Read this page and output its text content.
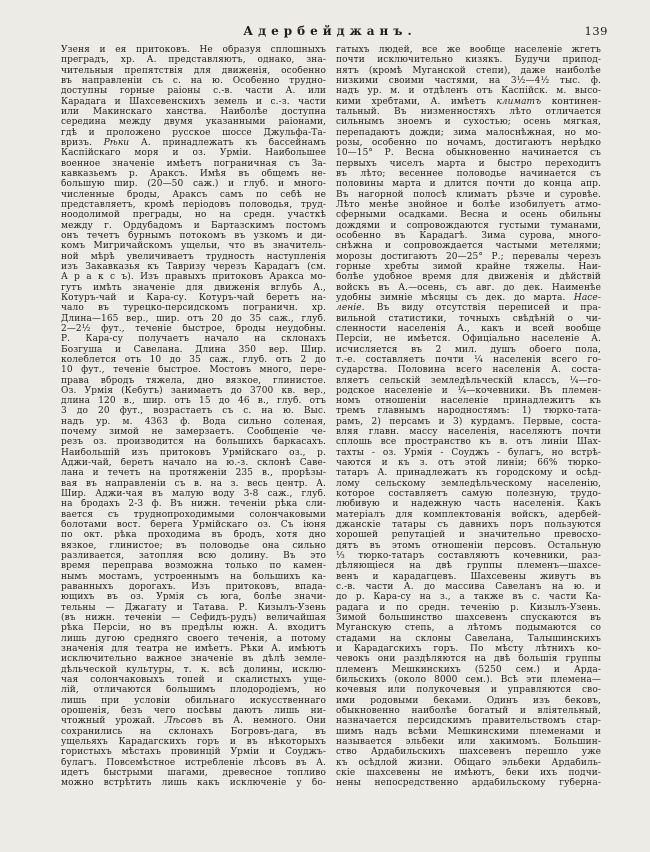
Адербейджанъ.	139
Узеня и ея притоковъ. Не образуя сплошныхъ
преградъ, хр. А. представляютъ, однако, зна-
чительныя препятствія для движенія, особенно
въ направленіи съ с. на ю. Особенно трудно-
доступны горные раіоны с.-в. части А. или
Карадага и Шахсевенскихъ земель и с.-з. части
или Макинскаго ханства. Наиболѣе доступна
середина между двумя указанными раіонами,
гдѣ и проложено русское шоссе Джульфа-Та-
вризъ. Рѣки А. принадлежатъ къ бассейнамъ
Каспійскаго моря и оз. Урміи. Наибольшее
военное значеніе имѣетъ пограничная съ За-
кавказьемъ р. Араксъ. Имѣя въ общемъ не-
большую шир. (20—50 саж.) и глуб. и много-
численные броды, Араксъ самъ по себѣ не
представляетъ, кромѣ періодовъ половодья, труд-
ноодолимой преграды, но на средн. участкѣ
между г. Ордубадомъ и Бартазскимъ постомъ
онъ течетъ бурнымъ потокомъ въ узкомъ и ди-
комъ Мигричайскомъ ущельи, что въ значитель-
ной мѣрѣ увеличиваетъ трудность наступленія
изъ Закавказья къ Тавризу черезъ Карадагъ (см.
А р а к с ъ). Изъ правыхъ притоковъ Аракса мо-
гутъ имѣть значеніе для движенія вглубь А.,
Котуръ-чай и Кара-су. Котуръ-чай беретъ на-
чало въ турецко-персидскомъ пограничн. хр.
Длина—165 вер., шир. отъ 20 до 35 саж., глуб.
2—2½ фут., теченіе быстрое, броды неудобны.
Р. Кара-су получаетъ начало на склонахъ
Бозгуша и Савелана. Длина 350 вер. Шир.
колеблется отъ 10 до 35 саж., глуб. отъ 2 до
10 фут., теченіе быстрое. Мостовъ много, пере-
права вбродъ тяжела, дно вязкое, глинистое.
Оз. Урмія (Кебутъ) занимаетъ до 3700 кв. вер.,
длина 120 в., шир. отъ 15 до 46 в., глуб. отъ
3 до 20 фут., возрастаетъ съ с. на ю. Выс.
надъ ур. м. 4363 ф. Вода сильно соленая,
почему зимой не замерзаетъ. Сообщеніе че-
резъ оз. производится на большихъ баркасахъ.
Наибольшій изъ притоковъ Урмійскаго оз., р.
Аджи-чай, беретъ начало на ю.-з. склонѣ Саве-
лана и течетъ на протяженіи 235 в., прорѣзы-
вая въ направленіи съ в. на з. весь центр. А.
Шир. Аджи-чая въ малую воду 3-8 саж., глуб.
на бродахъ 2-3 ф. Въ нижн. теченіи рѣка сли-
вается съ труднопроходимыми солончаковыми
болотами вост. берега Урмійскаго оз. Съ іюня
по окт. рѣка проходима въ бродъ, хотя дно
вязкое, глинистое; въ половодье она сильно
разливается, затопляя всю долину. Въ это
время переправа возможна только по камен-
нымъ мостамъ, устроеннымъ на большихъ ка-
раванныхъ дорогахъ. Изъ притоковъ, впада-
ющихъ въ оз. Урмія съ юга, болѣе значи-
тельны — Джагату и Татава. Р. Кизылъ-Узень
(въ нижн. теченіи — Сефидъ-рудъ) величайшая
рѣка Персіи, но въ предѣлы южн. А. входитъ
лишь дугою средняго своего теченія, а потому
значенія для театра не имѣетъ. Рѣки А. имѣютъ
исключительно важное значеніе въ дѣлѣ земле-
дѣльческой культуры, т. к. всѣ долины, исклю-
чая солончаковыхъ топей и скалистыхъ уще-
лій, отличаются большимъ плодородіемъ, но
лишь при условіи обильнаго искусственнаго
орошенія, безъ чего посѣвы даютъ лишь ни-
чтожный урожай. Лѣсовъ въ А. немного. Они
сохранились на склонахъ Богровъ-дага, въ
ущельяхъ Карадагскихъ горъ и въ нѣкоторыхъ
гористыхъ мѣстахъ провинцій Урміи и Соуджъ-
булагъ. Повсемѣстное истребленіе лѣсовъ въ А.
идетъ быстрыми шагами, древесное топливо
можно встрѣтить лишь какъ исключеніе у бо-
гатыхъ людей, все же вообще населеніе жгетъ
почти исключительно кизякъ. Будучи припод-
нятъ (кромѣ Муганской степи), даже наиболѣе
низкими своими частями, на 3½—4½ тыс. ф.
надъ ур. м. и отдѣленъ отъ Каспійск. м. высо-
кими хребтами, А. имѣетъ климатъ континен-
тальный. Въ низменностяхъ лѣто отличается
сильнымъ зноемъ и сухостью; осень мягкая,
перепадаютъ дожди; зима малоснѣжная, но мо-
розы, особенно по ночамъ, достигаютъ нерѣдко
10—15° Р. Весна обыкновенно начинается съ
первыхъ чиселъ марта и быстро переходитъ
въ лѣто; весеннее половодье начинается съ
половины марта и длится почти до конца апр.
Въ нагорной полосѣ климатъ рѣзче и суровѣе.
Лѣто менѣе знойное и болѣе изобилуетъ атмо-
сферными осадками. Весна и осень обильны
дождями и сопровождаются густыми туманами,
особенно въ Карадагѣ. Зима сурова, много-
снѣжна и сопровождается частыми метелями;
морозы достигаютъ 20—25° Р.; перевалы черезъ
горные хребты зимой крайне тяжелы. Наи-
болѣе удобное время для движенія и дѣйствій
войскъ въ А.—осень, съ авг. до дек. Наименѣе
удобны зимніе мѣсяцы съ дек. до марта. Насе-
леніе. Въ виду отсутствія переписей и пра-
вильной статистики, точныхъ свѣдѣній о чи-
сленности населенія А., какъ и всей вообще
Персіи, не имѣется. Офиціально населеніе А.
исчисляется въ 2 мил. душъ обоего пола,
т.-е. составляетъ почти ¼ населенія всего го-
сударства. Половина всего населенія А. соста-
вляетъ сельскій земледѣльческій классъ, ¼—го-
родское населеніе и ¼—кочевники. Въ племен-
номъ отношеніи населеніе принадлежитъ къ
тремъ главнымъ народностямъ: 1) тюрко-тата-
рамъ, 2) персамъ и 3) курдамъ. Первые, соста-
вляя главн. массу населенія, населяютъ почти
сплошь все пространство къ в. отъ линіи Шах-
тахты - оз. Урмія - Соуджъ - булагъ, но встрѣ-
чаются и къ з. отъ этой линіи; 66% тюрко-
татаръ А. принадлежатъ къ городскому и осѣд-
лому сельскому земледѣльческому населенію,
которое составляетъ самую полезную, трудо-
любивую и надежную часть населенія. Какъ
матеріалъ для комплектованія войскъ, адербей-
джанскіе татары съ давнихъ поръ пользуются
хорошей репутаціей и значительно превосхо-
дятъ въ этомъ отношеніи персовъ. Остальную
⅓ тюрко-татаръ составляютъ кочевники, раз-
дѣляющіеся на двѣ группы племенъ—шахсе-
венъ и карадагцевъ. Шахсевены живутъ въ
с.-в. части А. до массива Савеланъ на ю. и
до р. Кара-су на з., а также въ с. части Ка-
радага и по средн. теченію р. Кизылъ-Узень.
Зимой большинство шахсевенъ спускаются въ
Муганскую степь, а лѣтомъ подымаются со
стадами на склоны Савелана, Талышинскихъ
и Карадагскихъ горъ. По мѣсту лѣтнихъ ко-
чевокъ они раздѣляются на двѣ большія группы
племенъ Мешкинскихъ (5250 сем.) и Арда-
бильскихъ (около 8000 сем.). Всѣ эти племена—
кочевыя или полукочевыя и управляются сво-
ими родовыми беками. Одинъ изъ бековъ,
обыкновенно наиболѣе богатый и вліятельный,
назначается персидскимъ правительствомъ стар-
шимъ надъ всѣми Мешкинскими племенами и
называется эльбеки или хакимомъ. Большин-
ство Ардабильскихъ шахсевенъ перешло уже
къ осѣдлой жизни. Общаго эльбеки Ардабиль-
скіе шахсевены не имѣютъ, беки ихъ подчи-
нены непосредственно ардабильскому губерна-
